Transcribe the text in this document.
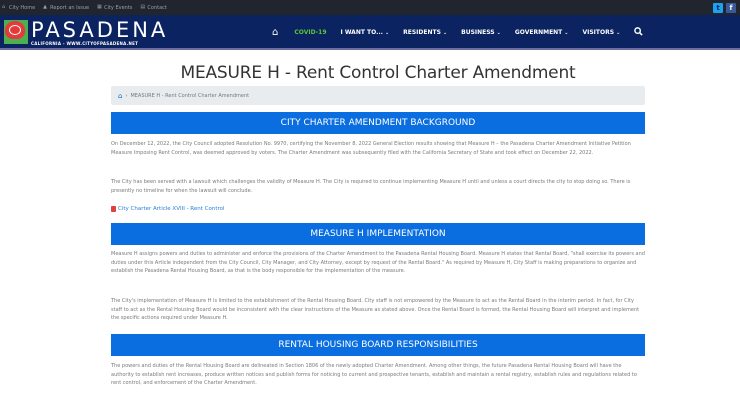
⌂ City Home ▲ Report an Issue ▦ City Events ▤ Contact	t	f
PASADENA
CALIFORNIA - WWW.CITYOFPASADENA.NET
⌂	COVID-19 I WANT TO... ⌄ RESIDENTS ⌄ BUSINESS ⌄ GOVERNMENT ⌄ VISITORS ⌄
MEASURE H - Rent Control Charter Amendment
⌂ › MEASURE H - Rent Control Charter Amendment
CITY CHARTER AMENDMENT BACKGROUND

On December 12, 2022, the City Council adopted Resolution No. 9970, certifying the November 8, 2022 General Election results showing that Measure H – the Pasadena Charter Amendment Initiative Petition Measure Imposing Rent Control, was deemed approved by voters. The Charter Amendment was subsequently filed with the California Secretary of State and took effect on December 22, 2022.

The City has been served with a lawsuit which challenges the validity of Measure H. The City is required to continue implementing Measure H until and unless a court directs the city to stop doing so. There is presently no timeline for when the lawsuit will conclude.

City Charter Article XVIII - Rent Control
MEASURE H IMPLEMENTATION

Measure H assigns powers and duties to administer and enforce the provisions of the Charter Amendment to the Pasadena Rental Housing Board. Measure H states that Rental Board, "shall exercise its powers and duties under this Article independent from the City Council, City Manager, and City Attorney, except by request of the Rental Board." As required by Measure H, City Staff is making preparations to organize and establish the Pasadena Rental Housing Board, as that is the body responsible for the implementation of the measure.

The City's implementation of Measure H is limited to the establishment of the Rental Housing Board. City staff is not empowered by the Measure to act as the Rental Board in the interim period. In fact, for City staff to act as the Rental Housing Board would be inconsistent with the clear instructions of the Measure as stated above. Once the Rental Board is formed, the Rental Housing Board will interpret and implement the specific actions required under Measure H.

RENTAL HOUSING BOARD RESPONSIBILITIES

The powers and duties of the Rental Housing Board are delineated in Section 1806 of the newly adopted Charter Amendment. Among other things, the future Pasadena Rental Housing Board will have the authority to establish rent increases, produce written notices and publish forms for noticing to current and prospective tenants, establish and maintain a rental registry, establish rules and regulations related to rent control, and enforcement of the Charter Amendment.
